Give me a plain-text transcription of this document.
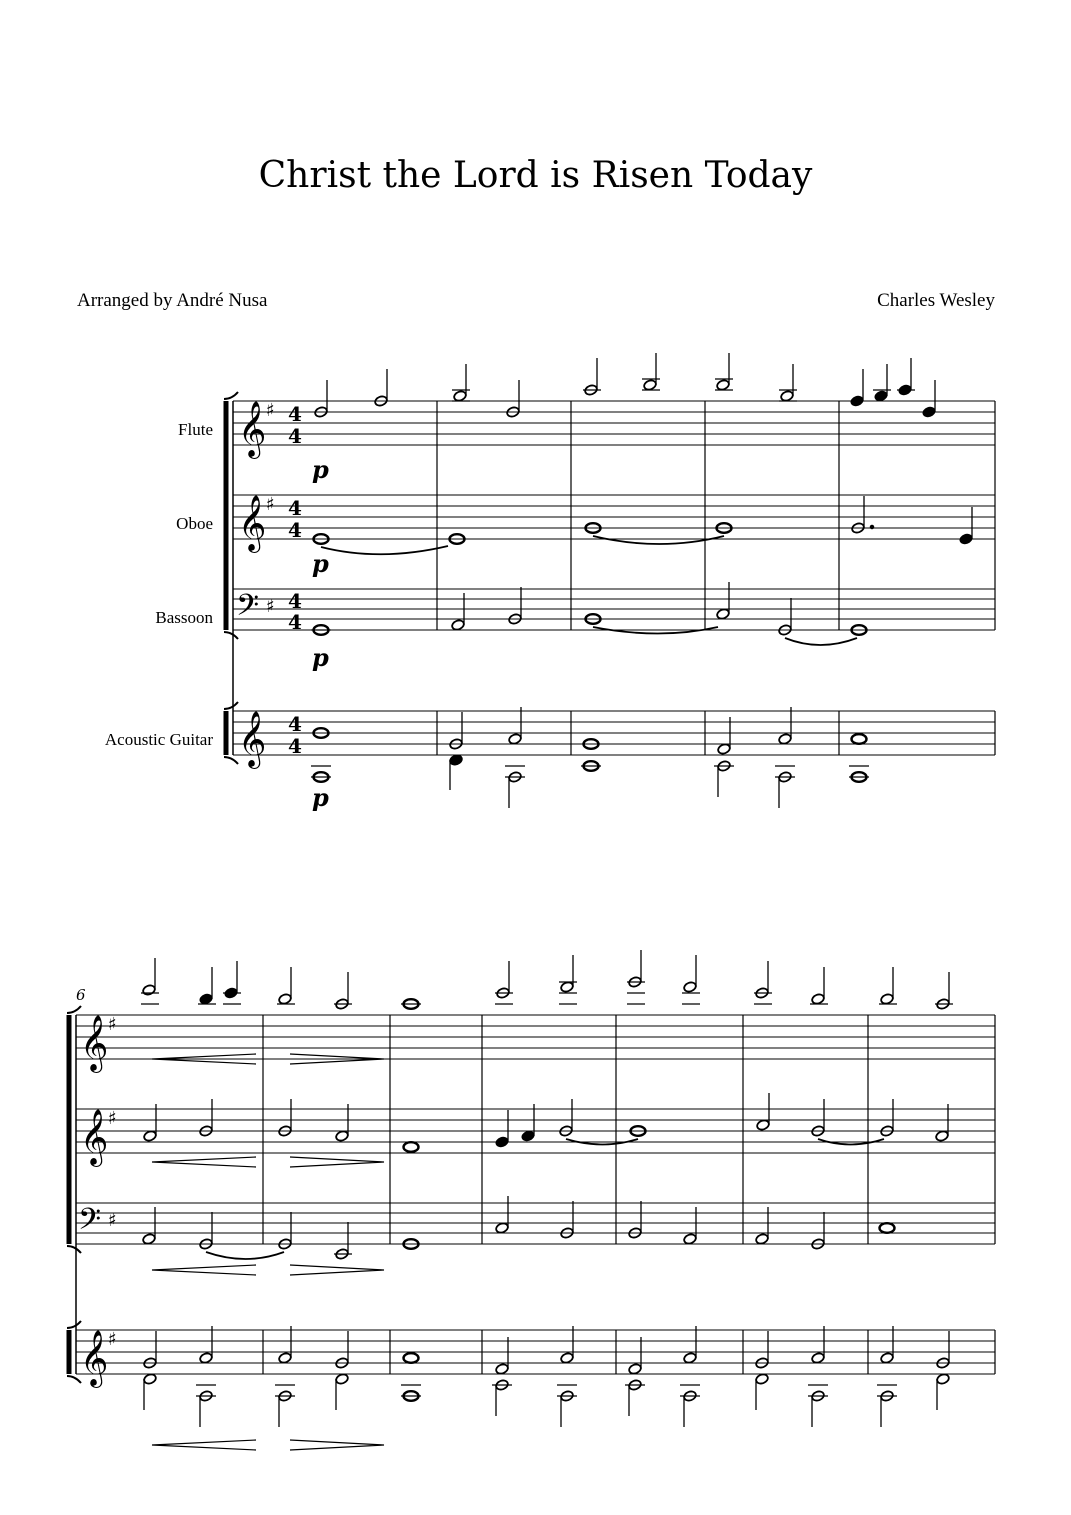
Christ the Lord is Risen Today
Arranged by André Nusa	Charles Wesley
Flute
Oboe
Bassoon
Acoustic Guitar
𝄞
𝄞
𝄢
𝄞
♯
♯
♯
4
4
4
4
4
4
4
4
p
p
p
p
6
𝄞
𝄞
𝄢
𝄞
♯
♯
♯
♯
